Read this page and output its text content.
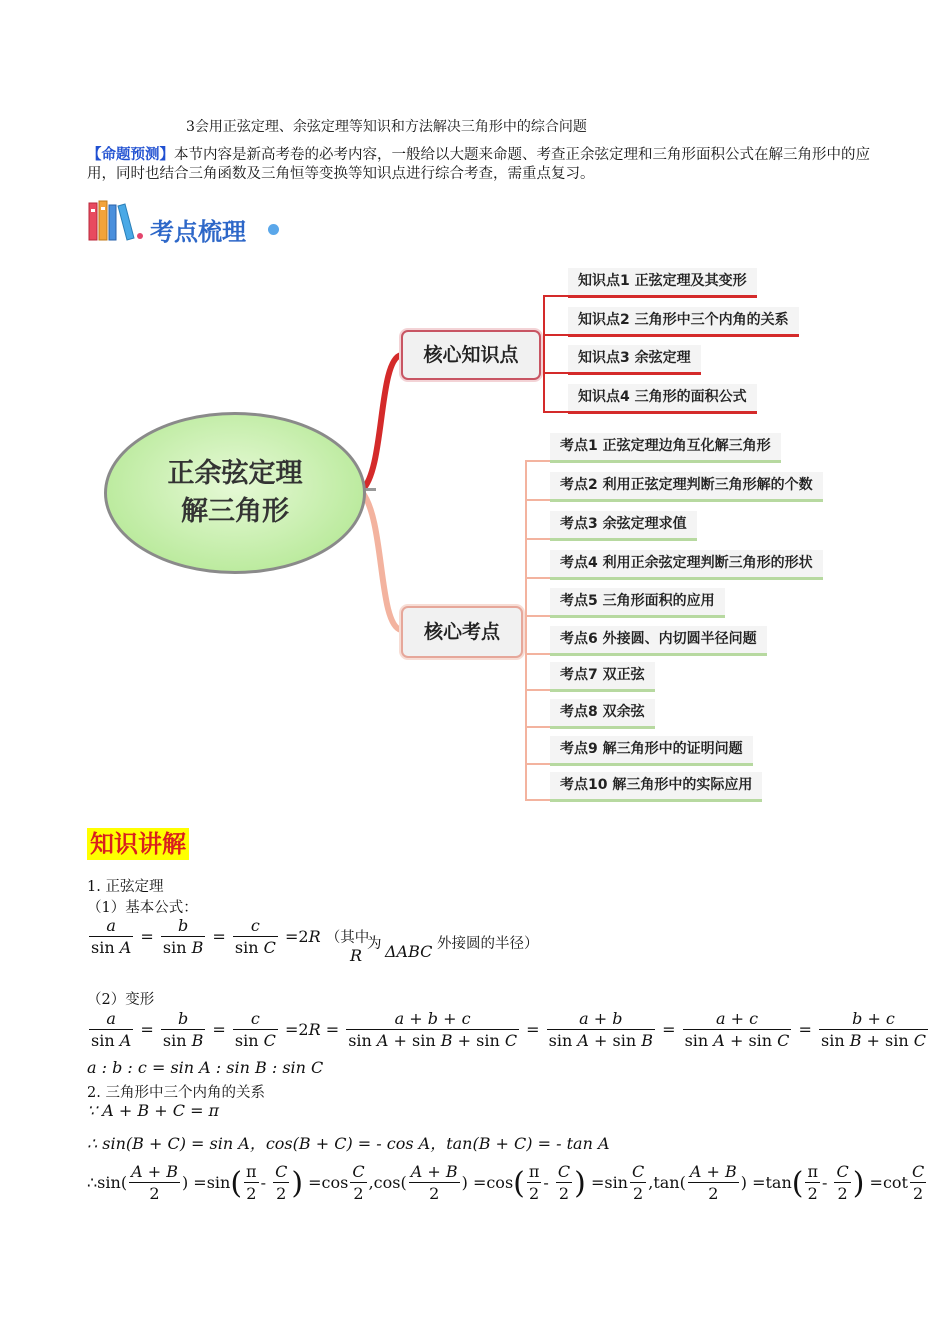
3会用正弦定理、余弦定理等知识和方法解决三角形中的综合问题
【命题预测】本节内容是新高考卷的必考内容，一般给以大题来命题、考查正余弦定理和三角形面积公式在解三角形中的应用，同时也结合三角函数及三角恒等变换等知识点进行综合考查，需重点复习。
考点梳理
正余弦定理
解三角形
核心知识点
核心考点
知识点1 正弦定理及其变形
知识点2 三角形中三个内角的关系
知识点3 余弦定理
知识点4 三角形的面积公式
考点1 正弦定理边角互化解三角形
考点2 利用正弦定理判断三角形解的个数
考点3 余弦定理求值
考点4 利用正余弦定理判断三角形的形状
考点5 三角形面积的应用
考点6 外接圆、内切圆半径问题
考点7 双正弦
考点8 双余弦
考点9 解三角形中的证明问题
考点10 解三角形中的实际应用
知识讲解
1. 正弦定理
（1）基本公式：
$\frac{a}{\text{sin A}} = \frac{b}{\text{sin B}} = \frac{c}{\text{sin C}} =2R$ （其中
R
为 ΔABC 外接圆的半径）
（2）变形
$\frac{a}{\text{sin A}} = \frac{b}{\text{sin B}} = \frac{c}{\text{sin C}} =2R = \frac{a + b + c}{\text{sin A + sin B + sin C}} = \frac{a + b}{\text{sin A + sin B}} = \frac{a + c}{\text{sin A + sin C}} = \frac{b + c}{\text{sin B + sin C}}$
a : b : c = sin A : sin B : sin C
2. 三角形中三个内角的关系
∵ A + B + C = π
∴ sin(B + C) = sin A，cos(B + C) = - cos A，tan(B + C) = - tan A
∴sin( $\frac{A + B}{2}$ ) $=\sin( \frac{\pi}{2} - \frac{C}{2}$ ) $=\cos \frac{C}{2} ,\cos( \frac{A + B}{2}$ ) $=\cos( \frac{\pi}{2} - \frac{C}{2}$ ) $=\sin \frac{C}{2} ,\tan( \frac{A + B}{2}$ ) $=\tan( \frac{\pi}{2} - \frac{C}{2}$ ) $=\cot \frac{C}{2}$
